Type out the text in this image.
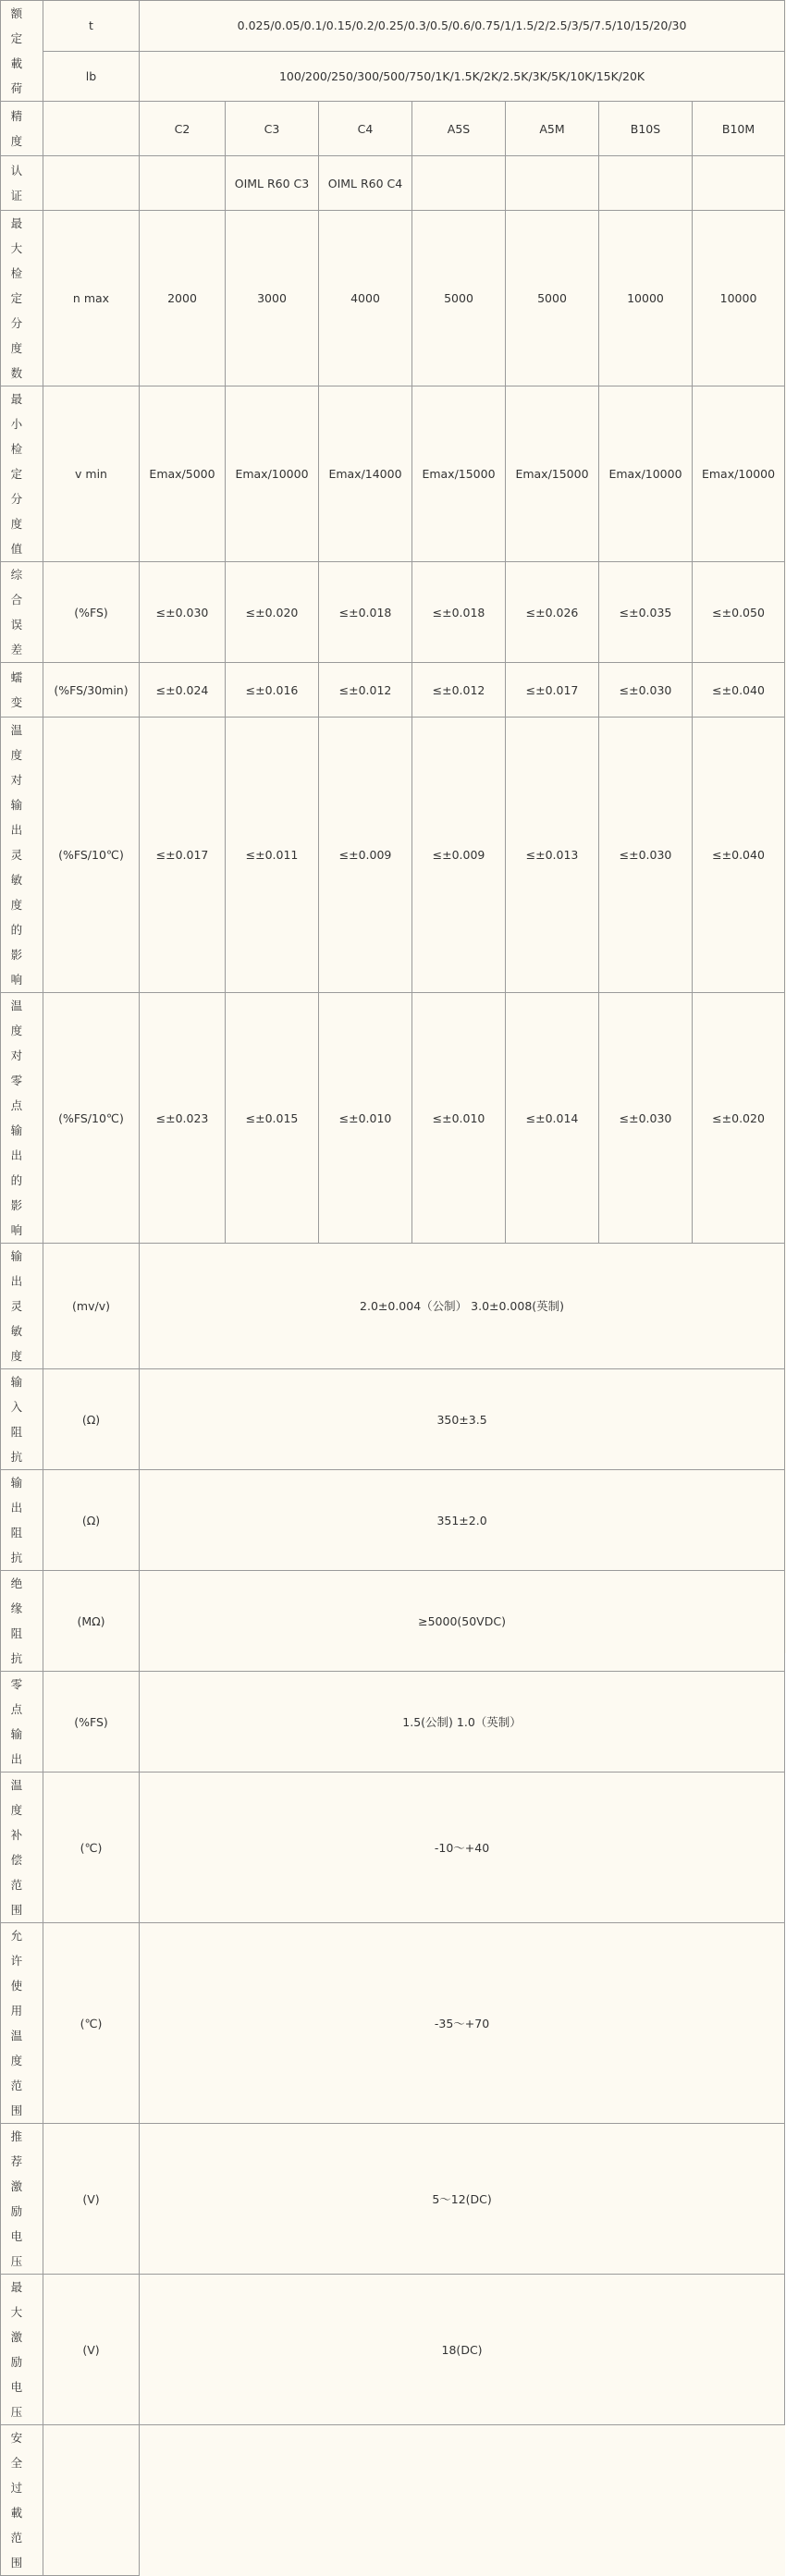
额定載荷	t	0.025/0.05/0.1/0.15/0.2/0.25/0.3/0.5/0.6/0.75/1/1.5/2/2.5/3/5/7.5/10/15/20/30						
	lb	100/200/250/300/500/750/1K/1.5K/2K/2.5K/3K/5K/10K/15K/20K						
精度		C2	C3	C4	A5S	A5M	B10S	B10M
认证			OIML R60 C3	OIML R60 C4				
最大检定分度数	n max	2000	3000	4000	5000	5000	10000	10000
最小检定分度值	v min	Emax/5000	Emax/10000	Emax/14000	Emax/15000	Emax/15000	Emax/10000	Emax/10000
综合误差	(%FS)	≤±0.030	≤±0.020	≤±0.018	≤±0.018	≤±0.026	≤±0.035	≤±0.050
蠕变	(%FS/30min)	≤±0.024	≤±0.016	≤±0.012	≤±0.012	≤±0.017	≤±0.030	≤±0.040
温度对输出灵敏度的影响	(%FS/10℃)	≤±0.017	≤±0.011	≤±0.009	≤±0.009	≤±0.013	≤±0.030	≤±0.040
温度对零点输出的影响	(%FS/10℃)	≤±0.023	≤±0.015	≤±0.010	≤±0.010	≤±0.014	≤±0.030	≤±0.020
输出灵敏度	(mv/v)	2.0±0.004（公制） 3.0±0.008(英制)						
输入阻抗	(Ω)	350±3.5						
输出阻抗	(Ω)	351±2.0						
绝缘阻抗	(MΩ)	≥5000(50VDC)						
零点输出	(%FS)	1.5(公制) 1.0（英制）						
温度补偿范围	(℃)	-10～+40						
允许使用温度范围	(℃)	-35～+70						
推荐激励电压	(V)	5～12(DC)						
最大激励电压	(V)	18(DC)						
安全过載范围								
